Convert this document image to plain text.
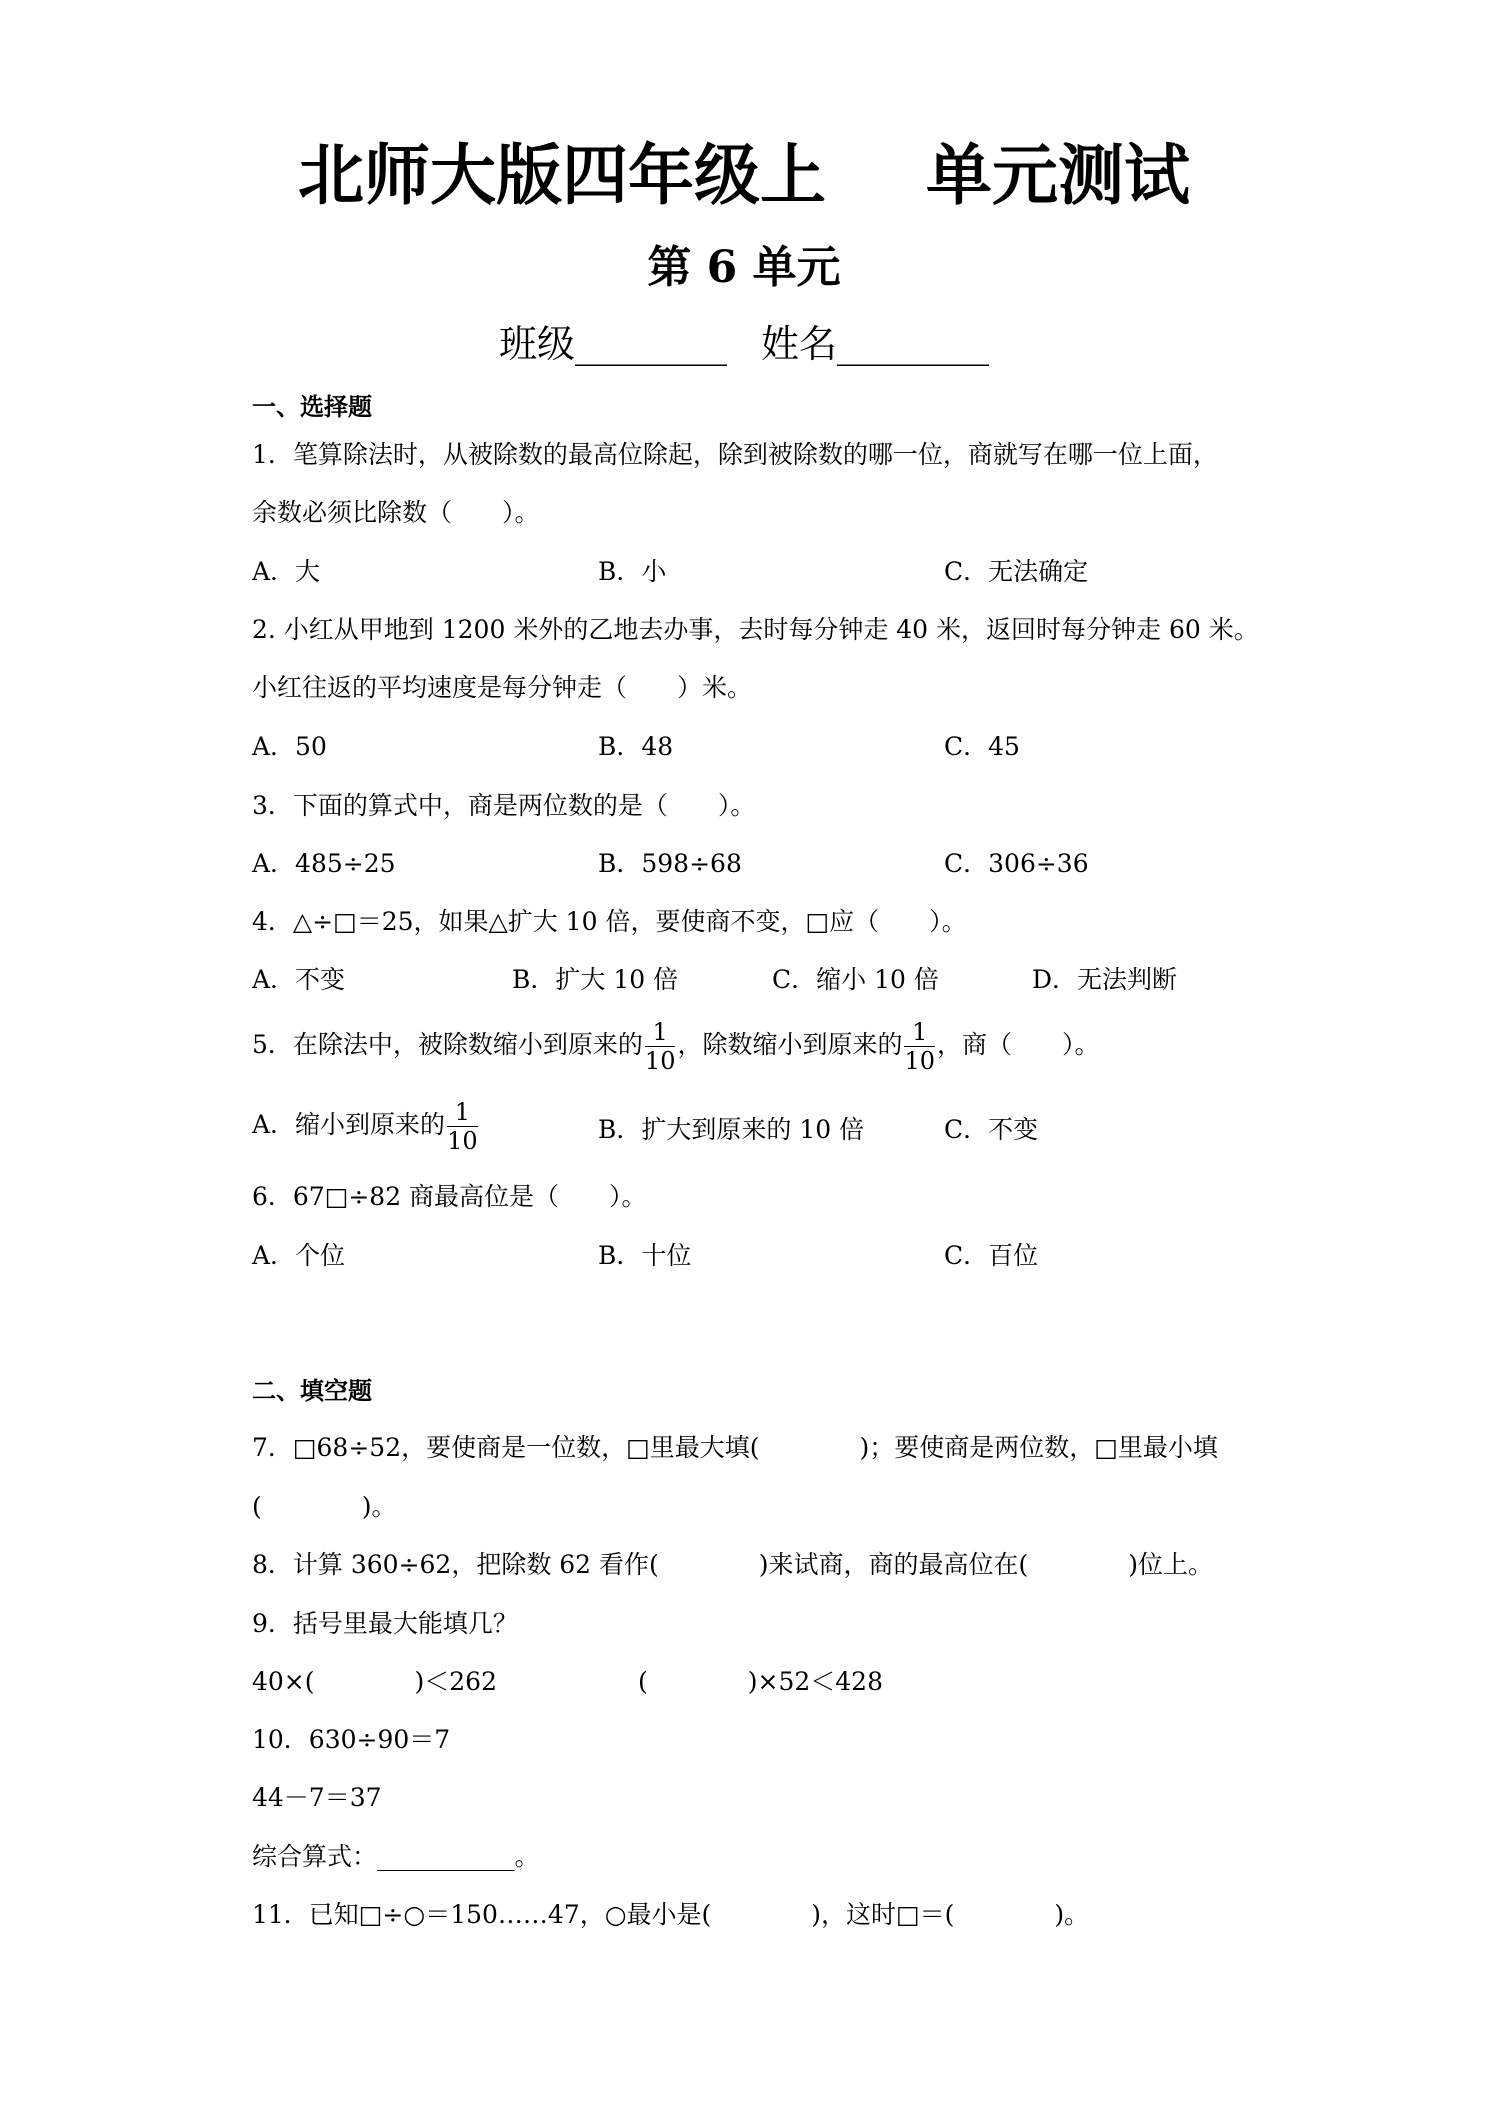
北师大版四年级上 单元测试
第 6 单元
班级________ 姓名________
一、选择题
1．笔算除法时，从被除数的最高位除起，除到被除数的哪一位，商就写在哪一位上面，
余数必须比除数（　　）。
A．大	B．小	C．无法确定
2. 小红从甲地到 1200 米外的乙地去办事，去时每分钟走 40 米，返回时每分钟走 60 米。
小红往返的平均速度是每分钟走（　　）米。
A．50	B．48	C．45
3．下面的算式中，商是两位数的是（　　）。
A．485÷25	B．598÷68	C．306÷36
4．△÷□＝25，如果△扩大 10 倍，要使商不变，□应（　　）。
A．不变	B．扩大 10 倍	C．缩小 10 倍	D．无法判断
5．在除法中，被除数缩小到原来的 $\frac{1}{10}$ ，除数缩小到原来的 $\frac{1}{10}$ ，商（　　）。
A．缩小到原来的 $\frac{1}{10}$	B．扩大到原来的 10 倍	C．不变
6．67□÷82 商最高位是（　　）。
A．个位	B．十位	C．百位
二、填空题
7．□68÷52，要使商是一位数，□里最大填(　　　　)；要使商是两位数，□里最小填
(　　　　)。
8．计算 360÷62，把除数 62 看作(　　　　)来试商，商的最高位在(　　　　)位上。
9．括号里最大能填几？
40×(　　　　)＜262	(　　　　)×52＜428
10．630÷90＝7
44－7＝37
综合算式：___________。
11．已知□÷○＝150……47，○最小是(　　　　)，这时□＝(　　　　)。
